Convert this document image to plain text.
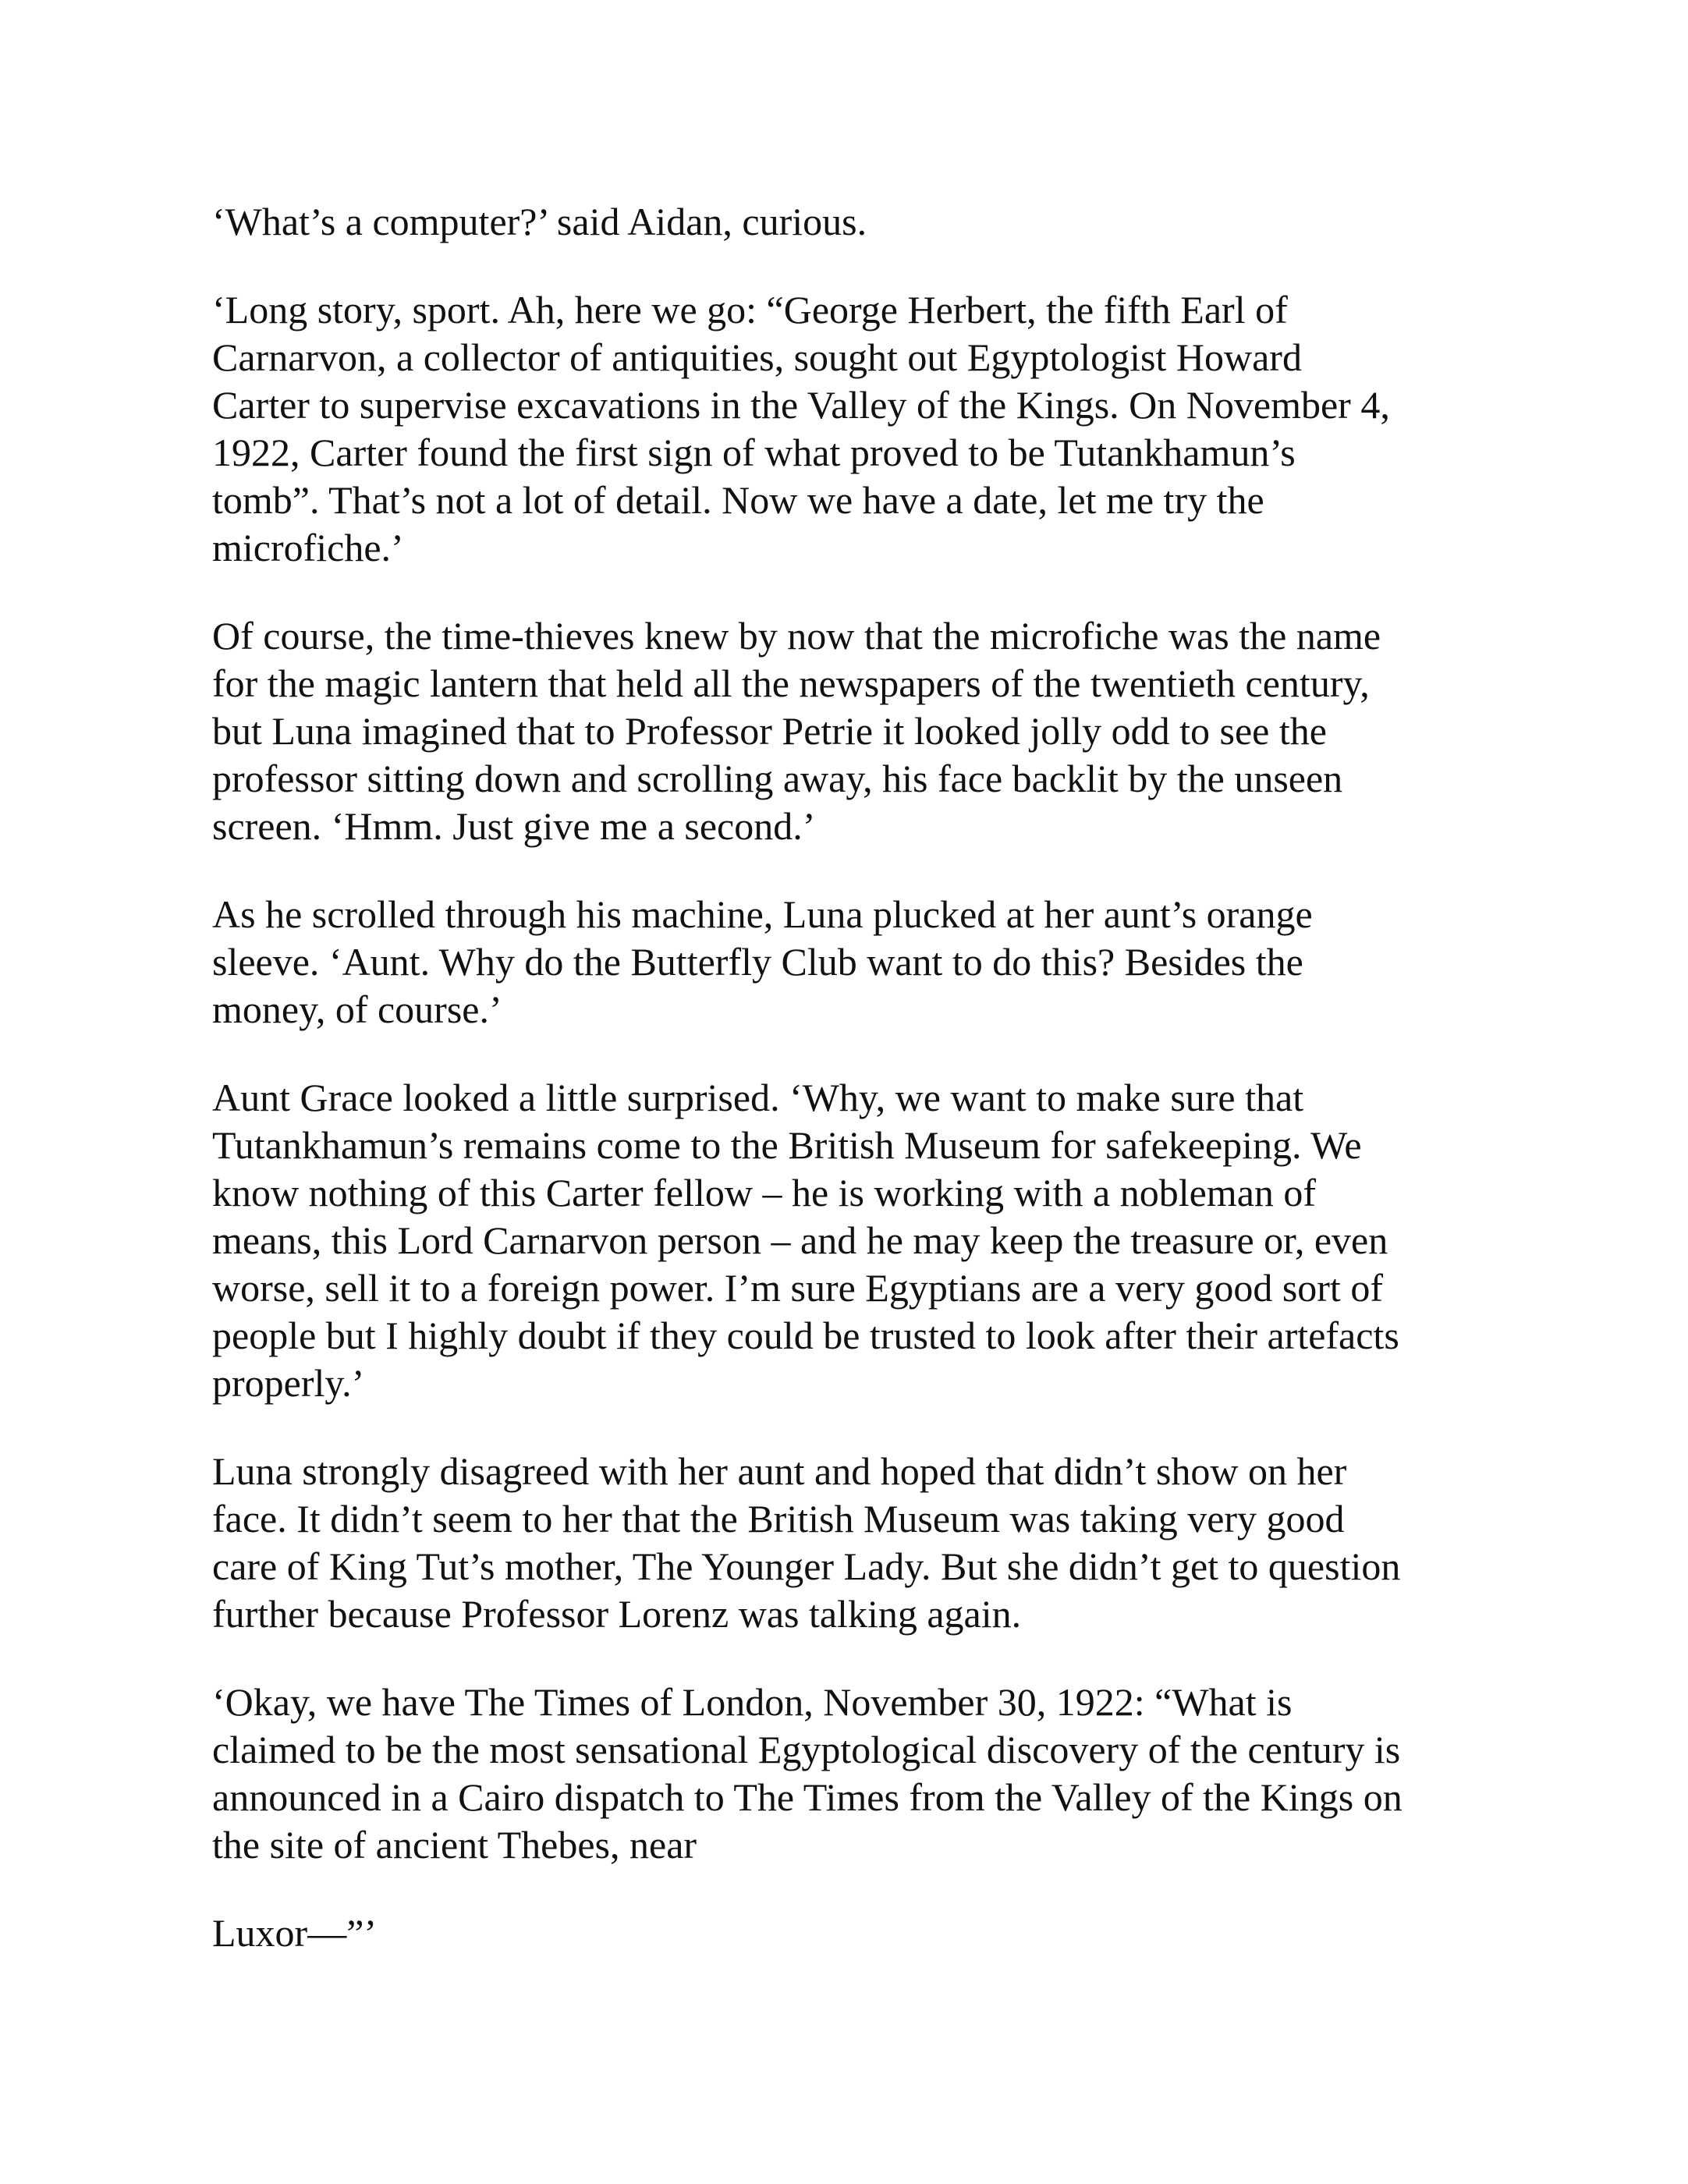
‘What’s a computer?’ said Aidan, curious.

‘Long story, sport. Ah, here we go: “George Herbert, the fifth Earl of
Carnarvon, a collector of antiquities, sought out Egyptologist Howard
Carter to supervise excavations in the Valley of the Kings. On November 4,
1922, Carter found the first sign of what proved to be Tutankhamun’s
tomb”. That’s not a lot of detail. Now we have a date, let me try the
microfiche.’

Of course, the time-thieves knew by now that the microfiche was the name
for the magic lantern that held all the newspapers of the twentieth century,
but Luna imagined that to Professor Petrie it looked jolly odd to see the
professor sitting down and scrolling away, his face backlit by the unseen
screen. ‘Hmm. Just give me a second.’

As he scrolled through his machine, Luna plucked at her aunt’s orange
sleeve. ‘Aunt. Why do the Butterfly Club want to do this? Besides the
money, of course.’

Aunt Grace looked a little surprised. ‘Why, we want to make sure that
Tutankhamun’s remains come to the British Museum for safekeeping. We
know nothing of this Carter fellow – he is working with a nobleman of
means, this Lord Carnarvon person – and he may keep the treasure or, even
worse, sell it to a foreign power. I’m sure Egyptians are a very good sort of
people but I highly doubt if they could be trusted to look after their artefacts
properly.’

Luna strongly disagreed with her aunt and hoped that didn’t show on her
face. It didn’t seem to her that the British Museum was taking very good
care of King Tut’s mother, The Younger Lady. But she didn’t get to question
further because Professor Lorenz was talking again.

‘Okay, we have The Times of London, November 30, 1922: “What is
claimed to be the most sensational Egyptological discovery of the century is
announced in a Cairo dispatch to The Times from the Valley of the Kings on
the site of ancient Thebes, near

Luxor—”’
